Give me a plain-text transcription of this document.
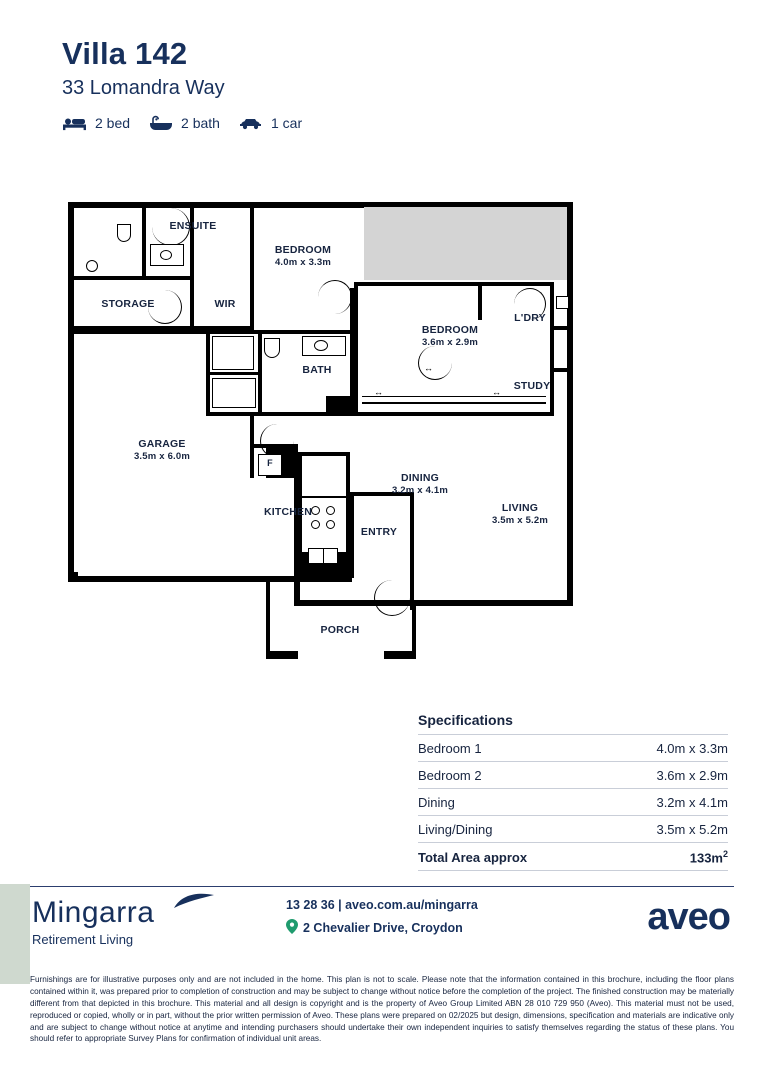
Villa 142
33 Lomandra Way
2 bed	2 bath	1 car
↔	↔
↔
ENSUITE
BEDROOM
4.0m x 3.3m
STORAGE	WIR
BATH
BEDROOM
3.6m x 2.9m
L'DRY
STUDY
GARAGE
3.5m x 6.0m
KITCHEN
DINING
3.2m x 4.1m
LIVING
3.5m x 5.2m
ENTRY
PORCH
F
Specifications
Bedroom 1	4.0m x 3.3m
Bedroom 2	3.6m x 2.9m
Dining	3.2m x 4.1m
Living/Dining	3.5m x 5.2m
Total Area approx	$133m^2$
Mingarra
Retirement Living
13 28 36 | aveo.com.au/mingarra
2 Chevalier Drive, Croydon	aveo
Furnishings are for illustrative purposes only and are not included in the home. This plan is not to scale. Please note that the information contained in this brochure, including the floor plans contained within it, was prepared prior to completion of construction and may be subject to change without notice before the completion of the project. The finished construction may be materially different from that depicted in this brochure. This material and all design is copyright and is the property of Aveo Group Limited ABN 28 010 729 950 (Aveo). This material must not be used, reproduced or copied, wholly or in part, without the prior written permission of Aveo. These plans were prepared on 02/2025 but design, dimensions, specification and materials are indicative only and are subject to change without notice at anytime and intending purchasers should undertake their own independent inquiries to satisfy themselves regarding the status of these plans. You should refer to appropriate Survey Plans for confirmation of individual unit areas.
